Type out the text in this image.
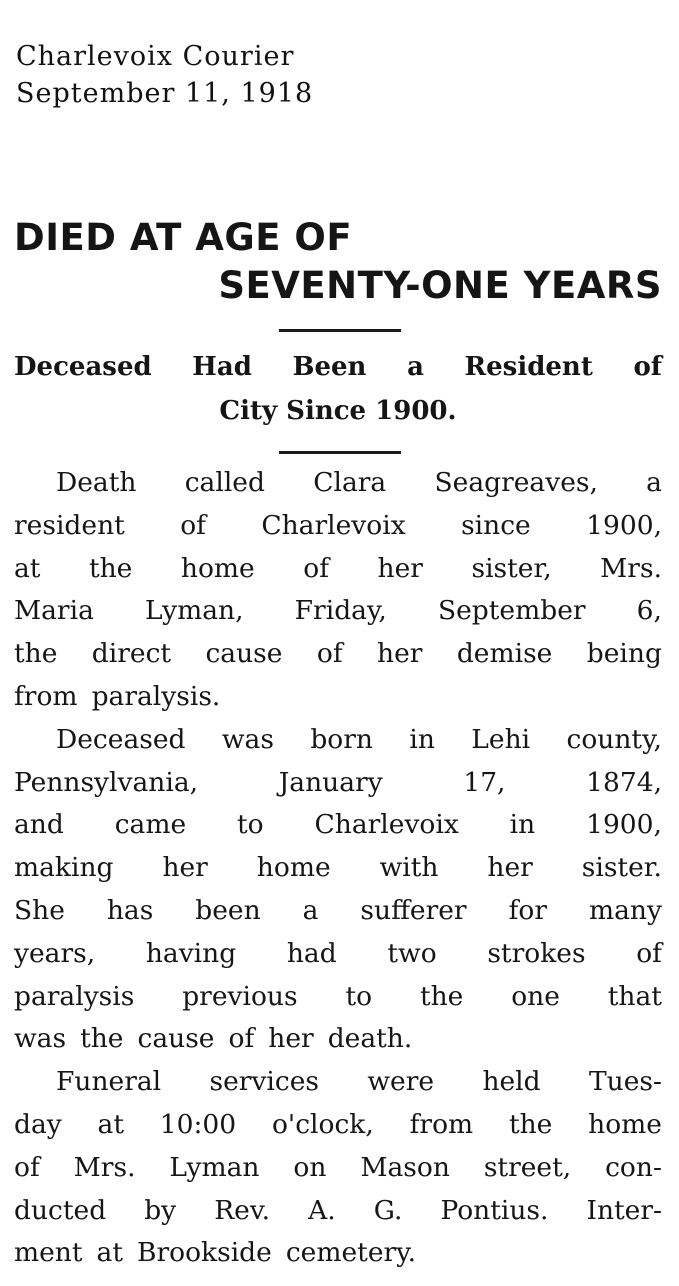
Charlevoix Courier
September 11, 1918
DIED AT AGE OF
SEVENTY-ONE YEARS
Deceased Had Been a Resident of
City Since 1900.
Death called Clara Seagreaves, a
resident of Charlevoix since 1900,
at the home of her sister, Mrs.
Maria Lyman, Friday, September 6,
the direct cause of her demise being
from paralysis.
Deceased was born in Lehi county,
Pennsylvania,	January	17,	1874,
and came to Charlevoix in 1900,
making her home with her sister.
She has been a sufferer for many
years, having had two strokes of
paralysis previous to the one that
was the cause of her death.
Funeral services were held Tues-
day at 10:00 o'clock, from the home
of Mrs. Lyman on Mason street, con-
ducted by Rev. A. G. Pontius. Inter-
ment at Brookside cemetery.
